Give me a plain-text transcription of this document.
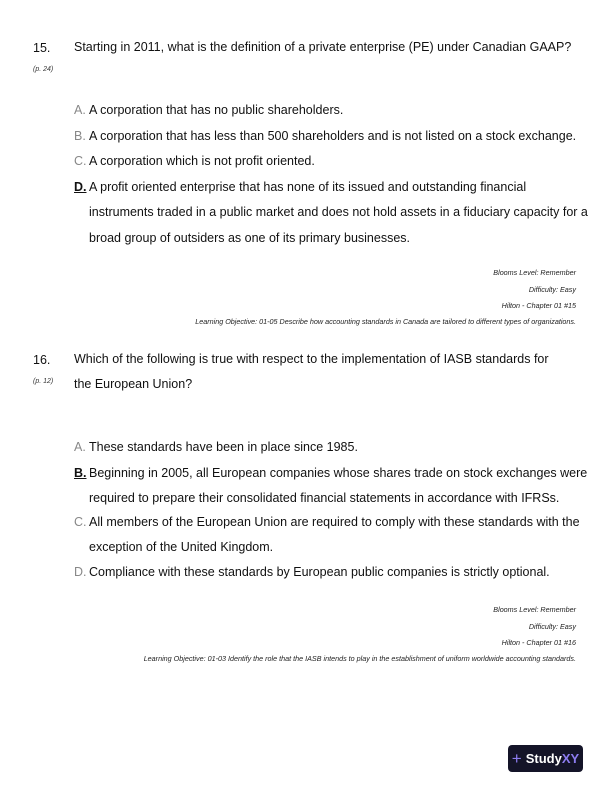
15. Starting in 2011, what is the definition of a private enterprise (PE) under Canadian GAAP?
(p. 24)
A. A corporation that has no public shareholders.
B. A corporation that has less than 500 shareholders and is not listed on a stock exchange.
C. A corporation which is not profit oriented.
D. A profit oriented enterprise that has none of its issued and outstanding financial instruments traded in a public market and does not hold assets in a fiduciary capacity for a broad group of outsiders as one of its primary businesses.
Blooms Level: Remember
Difficulty: Easy
Hilton - Chapter 01 #15
Learning Objective: 01-05 Describe how accounting standards in Canada are tailored to different types of organizations.
16. Which of the following is true with respect to the implementation of IASB standards for the European Union?
(p. 12)
A. These standards have been in place since 1985.
B. Beginning in 2005, all European companies whose shares trade on stock exchanges were required to prepare their consolidated financial statements in accordance with IFRSs.
C. All members of the European Union are required to comply with these standards with the exception of the United Kingdom.
D. Compliance with these standards by European public companies is strictly optional.
Blooms Level: Remember
Difficulty: Easy
Hilton - Chapter 01 #16
Learning Objective: 01-03 Identify the role that the IASB intends to play in the establishment of uniform worldwide accounting standards.
+ StudyXY
